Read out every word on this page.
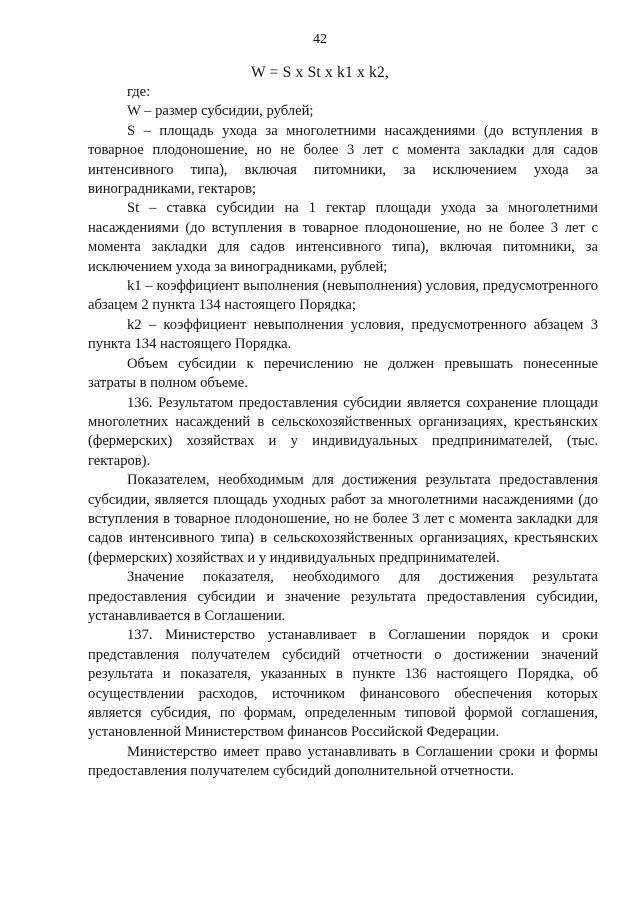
42
W = S x St x k1 x k2,

где:

W – размер субсидии, рублей;

S – площадь ухода за многолетними насаждениями (до вступления в товарное плодоношение, но не более 3 лет с момента закладки для садов интенсивного типа), включая питомники, за исключением ухода за виноградниками, гектаров;

St – ставка субсидии на 1 гектар площади ухода за многолетними насаждениями (до вступления в товарное плодоношение, но не более 3 лет с момента закладки для садов интенсивного типа), включая питомники, за исключением ухода за виноградниками, рублей;

k1 – коэффициент выполнения (невыполнения) условия, предусмотренного абзацем 2 пункта 134 настоящего Порядка;

k2 – коэффициент невыполнения условия, предусмотренного абзацем 3 пункта 134 настоящего Порядка.

Объем субсидии к перечислению не должен превышать понесенные затраты в полном объеме.

136. Результатом предоставления субсидии является сохранение площади многолетних насаждений в сельскохозяйственных организациях, крестьянских (фермерских) хозяйствах и у индивидуальных предпринимателей, (тыс. гектаров).

Показателем, необходимым для достижения результата предоставления субсидии, является площадь уходных работ за многолетними насаждениями (до вступления в товарное плодоношение, но не более 3 лет с момента закладки для садов интенсивного типа) в сельскохозяйственных организациях, крестьянских (фермерских) хозяйствах и у индивидуальных предпринимателей.

Значение показателя, необходимого для достижения результата предоставления субсидии и значение результата предоставления субсидии, устанавливается в Соглашении.

137. Министерство устанавливает в Соглашении порядок и сроки представления получателем субсидий отчетности о достижении значений результата и показателя, указанных в пункте 136 настоящего Порядка, об осуществлении расходов, источником финансового обеспечения которых является субсидия, по формам, определенным типовой формой соглашения, установленной Министерством финансов Российской Федерации.

Министерство имеет право устанавливать в Соглашении сроки и формы предоставления получателем субсидий дополнительной отчетности.
